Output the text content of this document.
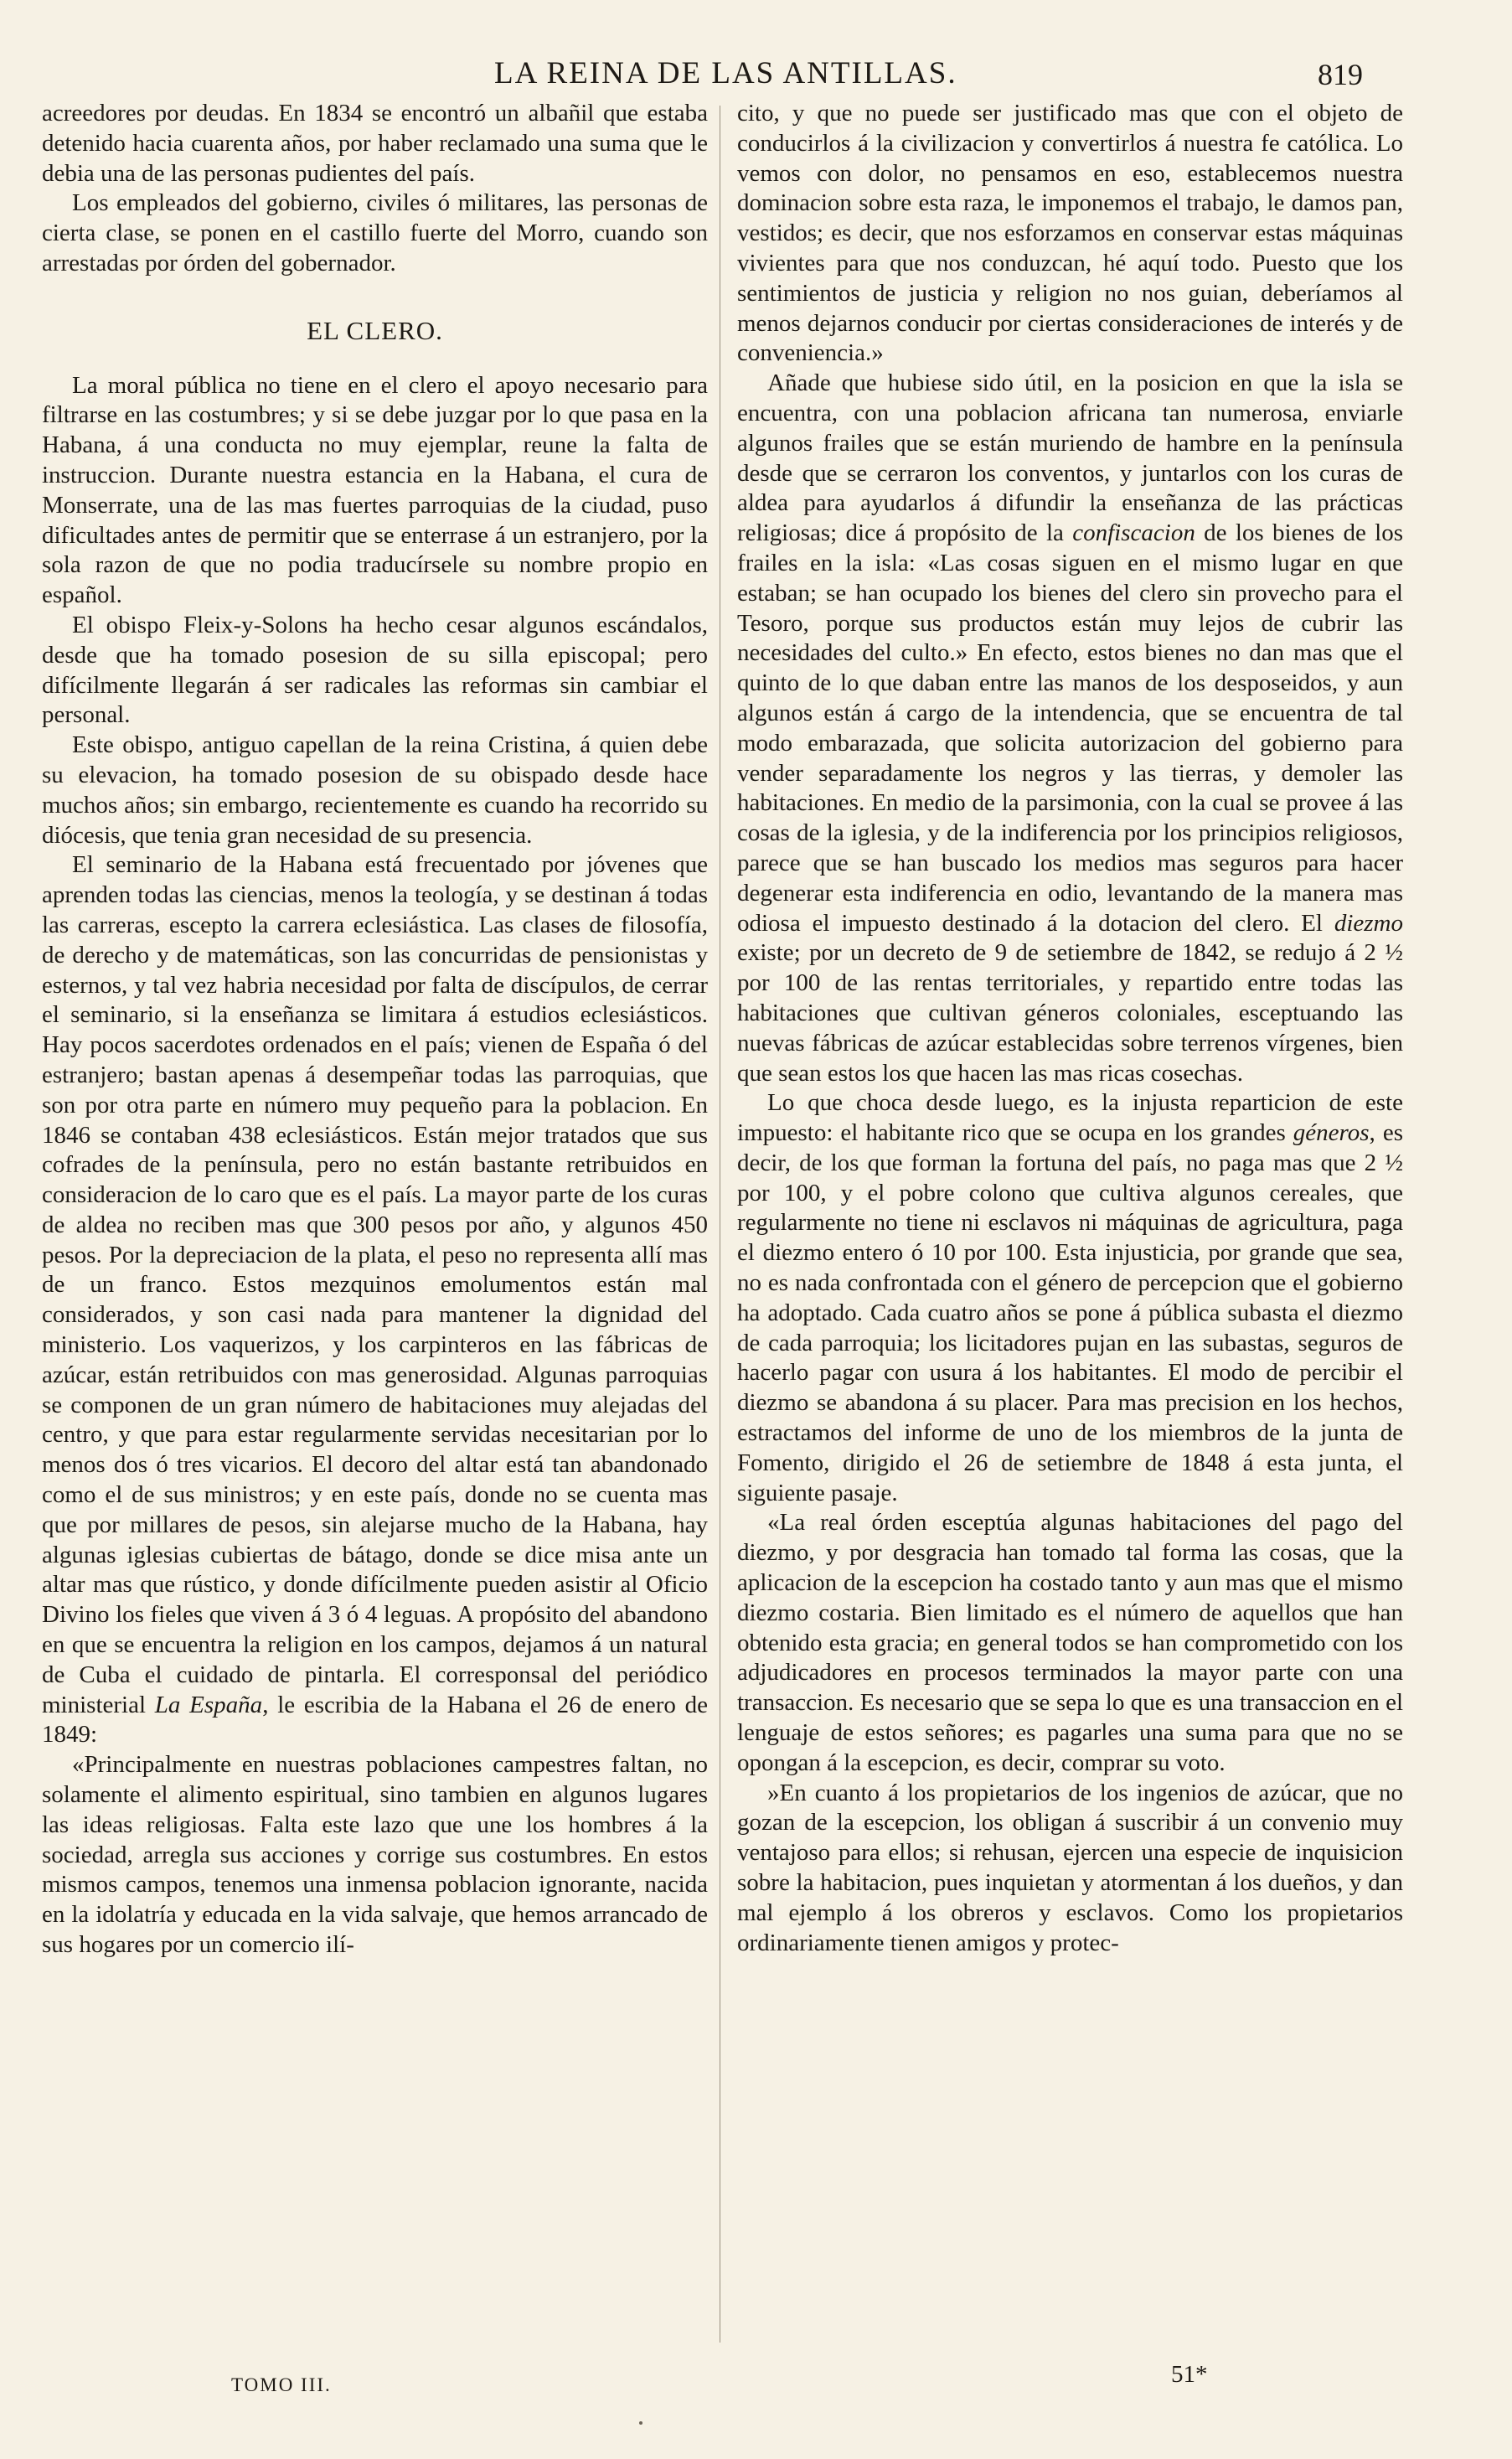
LA REINA DE LAS ANTILLAS.	819

acreedores por deudas. En 1834 se encontró un albañil que estaba detenido hacia cuarenta años, por haber reclamado una suma que le debia una de las personas pudientes del país.

Los empleados del gobierno, civiles ó militares, las personas de cierta clase, se ponen en el castillo fuerte del Morro, cuando son arrestadas por órden del gobernador.

EL CLERO.

La moral pública no tiene en el clero el apoyo necesario para filtrarse en las costumbres; y si se debe juzgar por lo que pasa en la Habana, á una conducta no muy ejemplar, reune la falta de instruccion. Durante nuestra estancia en la Habana, el cura de Monserrate, una de las mas fuertes parroquias de la ciudad, puso dificultades antes de permitir que se enterrase á un estranjero, por la sola razon de que no podia traducírsele su nombre propio en español.

El obispo Fleix-y-Solons ha hecho cesar algunos escándalos, desde que ha tomado posesion de su silla episcopal; pero difícilmente llegarán á ser radicales las reformas sin cambiar el personal.

Este obispo, antiguo capellan de la reina Cristina, á quien debe su elevacion, ha tomado posesion de su obispado desde hace muchos años; sin embargo, recientemente es cuando ha recorrido su diócesis, que tenia gran necesidad de su presencia.

El seminario de la Habana está frecuentado por jóvenes que aprenden todas las ciencias, menos la teología, y se destinan á todas las carreras, escepto la carrera eclesiástica. Las clases de filosofía, de derecho y de matemáticas, son las concurridas de pensionistas y esternos, y tal vez habria necesidad por falta de discípulos, de cerrar el seminario, si la enseñanza se limitara á estudios eclesiásticos. Hay pocos sacerdotes ordenados en el país; vienen de España ó del estranjero; bastan apenas á desempeñar todas las parroquias, que son por otra parte en número muy pequeño para la poblacion. En 1846 se contaban 438 eclesiásticos. Están mejor tratados que sus cofrades de la península, pero no están bastante retribuidos en consideracion de lo caro que es el país. La mayor parte de los curas de aldea no reciben mas que 300 pesos por año, y algunos 450 pesos. Por la depreciacion de la plata, el peso no representa allí mas de un franco. Estos mezquinos emolumentos están mal considerados, y son casi nada para mantener la dignidad del ministerio. Los vaquerizos, y los carpinteros en las fábricas de azúcar, están retribuidos con mas generosidad. Algunas parroquias se componen de un gran número de habitaciones muy alejadas del centro, y que para estar regularmente servidas necesitarian por lo menos dos ó tres vicarios. El decoro del altar está tan abandonado como el de sus ministros; y en este país, donde no se cuenta mas que por millares de pesos, sin alejarse mucho de la Habana, hay algunas iglesias cubiertas de bátago, donde se dice misa ante un altar mas que rústico, y donde difícilmente pueden asistir al Oficio Divino los fieles que viven á 3 ó 4 leguas. A propósito del abandono en que se encuentra la religion en los campos, dejamos á un natural de Cuba el cuidado de pintarla. El corresponsal del periódico ministerial La España, le escribia de la Habana el 26 de enero de 1849:

«Principalmente en nuestras poblaciones campestres faltan, no solamente el alimento espiritual, sino tambien en algunos lugares las ideas religiosas. Falta este lazo que une los hombres á la sociedad, arregla sus acciones y corrige sus costumbres. En estos mismos campos, tenemos una inmensa poblacion ignorante, nacida en la idolatría y educada en la vida salvaje, que hemos arrancado de sus hogares por un comercio ilí-

cito, y que no puede ser justificado mas que con el objeto de conducirlos á la civilizacion y convertirlos á nuestra fe católica. Lo vemos con dolor, no pensamos en eso, establecemos nuestra dominacion sobre esta raza, le imponemos el trabajo, le damos pan, vestidos; es decir, que nos esforzamos en conservar estas máquinas vivientes para que nos conduzcan, hé aquí todo. Puesto que los sentimientos de justicia y religion no nos guian, deberíamos al menos dejarnos conducir por ciertas consideraciones de interés y de conveniencia.»

Añade que hubiese sido útil, en la posicion en que la isla se encuentra, con una poblacion africana tan numerosa, enviarle algunos frailes que se están muriendo de hambre en la península desde que se cerraron los conventos, y juntarlos con los curas de aldea para ayudarlos á difundir la enseñanza de las prácticas religiosas; dice á propósito de la confiscacion de los bienes de los frailes en la isla: «Las cosas siguen en el mismo lugar en que estaban; se han ocupado los bienes del clero sin provecho para el Tesoro, porque sus productos están muy lejos de cubrir las necesidades del culto.» En efecto, estos bienes no dan mas que el quinto de lo que daban entre las manos de los desposeidos, y aun algunos están á cargo de la intendencia, que se encuentra de tal modo embarazada, que solicita autorizacion del gobierno para vender separadamente los negros y las tierras, y demoler las habitaciones. En medio de la parsimonia, con la cual se provee á las cosas de la iglesia, y de la indiferencia por los principios religiosos, parece que se han buscado los medios mas seguros para hacer degenerar esta indiferencia en odio, levantando de la manera mas odiosa el impuesto destinado á la dotacion del clero. El diezmo existe; por un decreto de 9 de setiembre de 1842, se redujo á 2 ½ por 100 de las rentas territoriales, y repartido entre todas las habitaciones que cultivan géneros coloniales, esceptuando las nuevas fábricas de azúcar establecidas sobre terrenos vírgenes, bien que sean estos los que hacen las mas ricas cosechas.

Lo que choca desde luego, es la injusta reparticion de este impuesto: el habitante rico que se ocupa en los grandes géneros, es decir, de los que forman la fortuna del país, no paga mas que 2 ½ por 100, y el pobre colono que cultiva algunos cereales, que regularmente no tiene ni esclavos ni máquinas de agricultura, paga el diezmo entero ó 10 por 100. Esta injusticia, por grande que sea, no es nada confrontada con el género de percepcion que el gobierno ha adoptado. Cada cuatro años se pone á pública subasta el diezmo de cada parroquia; los licitadores pujan en las subastas, seguros de hacerlo pagar con usura á los habitantes. El modo de percibir el diezmo se abandona á su placer. Para mas precision en los hechos, estractamos del informe de uno de los miembros de la junta de Fomento, dirigido el 26 de setiembre de 1848 á esta junta, el siguiente pasaje.

«La real órden esceptúa algunas habitaciones del pago del diezmo, y por desgracia han tomado tal forma las cosas, que la aplicacion de la escepcion ha costado tanto y aun mas que el mismo diezmo costaria. Bien limitado es el número de aquellos que han obtenido esta gracia; en general todos se han comprometido con los adjudicadores en procesos terminados la mayor parte con una transaccion. Es necesario que se sepa lo que es una transaccion en el lenguaje de estos señores; es pagarles una suma para que no se opongan á la escepcion, es decir, comprar su voto.

»En cuanto á los propietarios de los ingenios de azúcar, que no gozan de la escepcion, los obligan á suscribir á un convenio muy ventajoso para ellos; si rehusan, ejercen una especie de inquisicion sobre la habitacion, pues inquietan y atormentan á los dueños, y dan mal ejemplo á los obreros y esclavos. Como los propietarios ordinariamente tienen amigos y protec-

TOMO III.	51*
